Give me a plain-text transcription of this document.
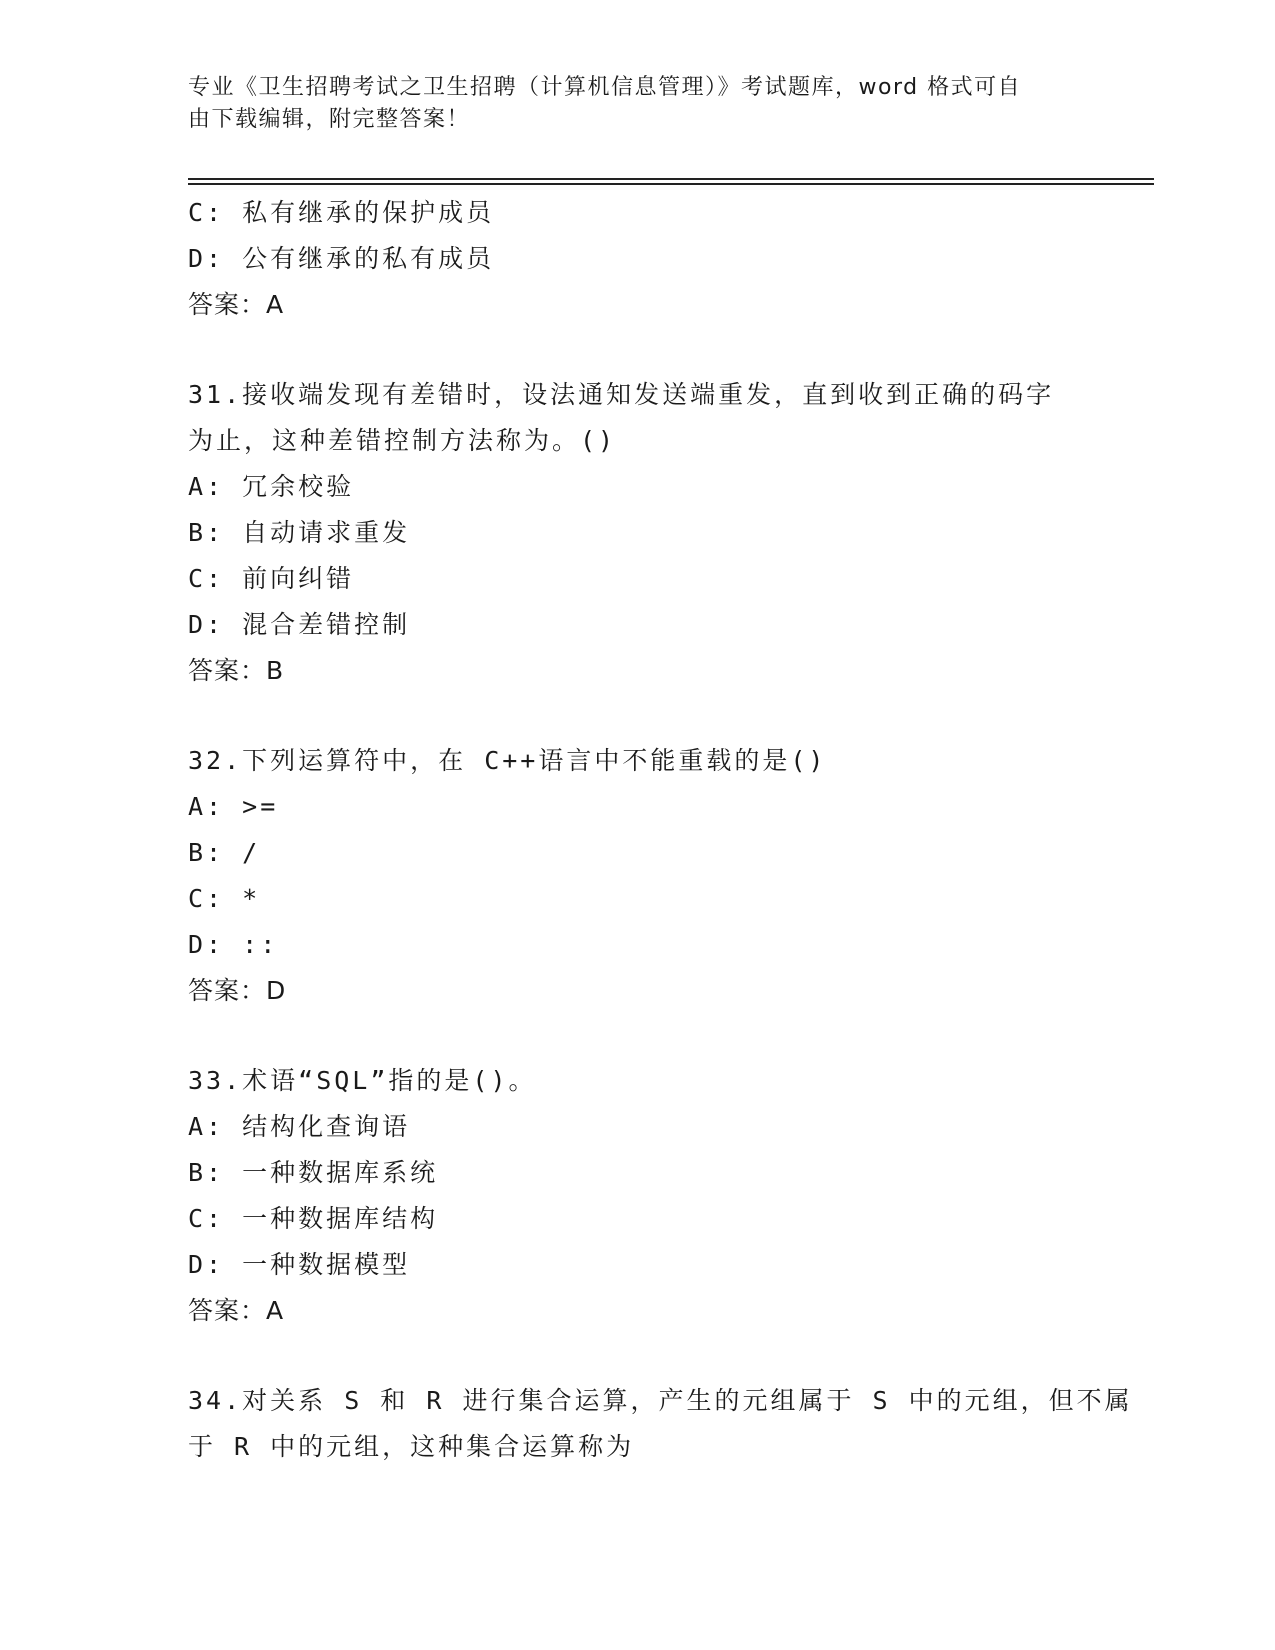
专业《卫生招聘考试之卫生招聘（计算机信息管理）》考试题库，word 格式可自
由下载编辑，附完整答案！
C: 私有继承的保护成员
D: 公有继承的私有成员
答案：A
31.接收端发现有差错时，设法通知发送端重发，直到收到正确的码字
为止，这种差错控制方法称为。()
A: 冗余校验
B: 自动请求重发
C: 前向纠错
D: 混合差错控制
答案：B
32.下列运算符中，在 C++语言中不能重载的是()
A: >=
B: /
C: *
D: ::
答案：D
33.术语“SQL”指的是()。
A: 结构化查询语
B: 一种数据库系统
C: 一种数据库结构
D: 一种数据模型
答案：A
34.对关系 S 和 R 进行集合运算，产生的元组属于 S 中的元组，但不属
于 R 中的元组，这种集合运算称为
